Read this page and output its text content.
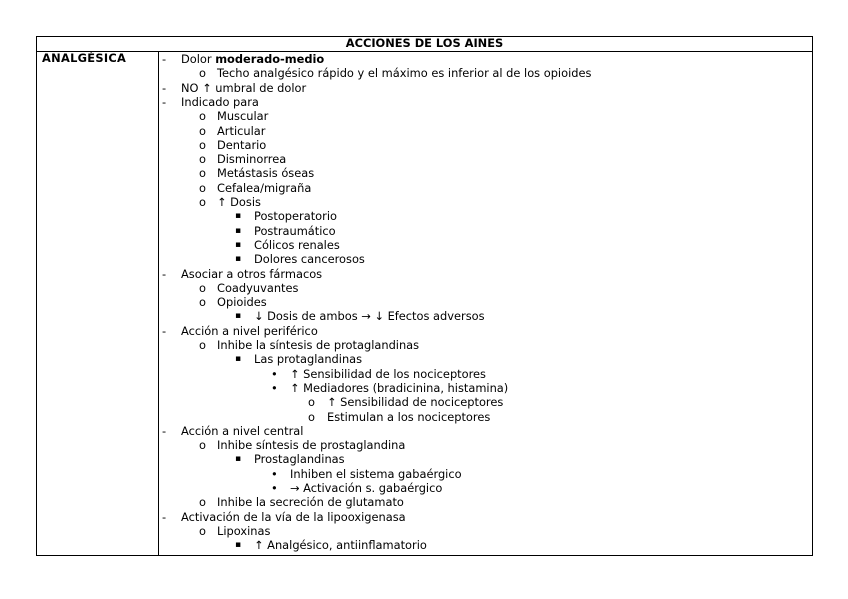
ACCIONES DE LOS AINES
ANALGÉSICA	- Dolor moderado-medio
o Techo analgésico rápido y el máximo es inferior al de los opioides
- NO ↑ umbral de dolor
- Indicado para
o Muscular
o Articular
o Dentario
o Disminorrea
o Metástasis óseas
o Cefalea/migraña
o ↑ Dosis
▪ Postoperatorio
▪ Postraumático
▪ Cólicos renales
▪ Dolores cancerosos
- Asociar a otros fármacos
o Coadyuvantes
o Opioides
▪ ↓ Dosis de ambos → ↓ Efectos adversos
- Acción a nivel periférico
o Inhibe la síntesis de protaglandinas
▪ Las protaglandinas
• ↑ Sensibilidad de los nociceptores
• ↑ Mediadores (bradicinina, histamina)
o ↑ Sensibilidad de nociceptores
o Estimulan a los nociceptores
- Acción a nivel central
o Inhibe síntesis de prostaglandina
▪ Prostaglandinas
• Inhiben el sistema gabaérgico
• → Activación s. gabaérgico
o Inhibe la secreción de glutamato
- Activación de la vía de la lipooxigenasa
o Lipoxinas
▪ ↑ Analgésico, antiinflamatorio
